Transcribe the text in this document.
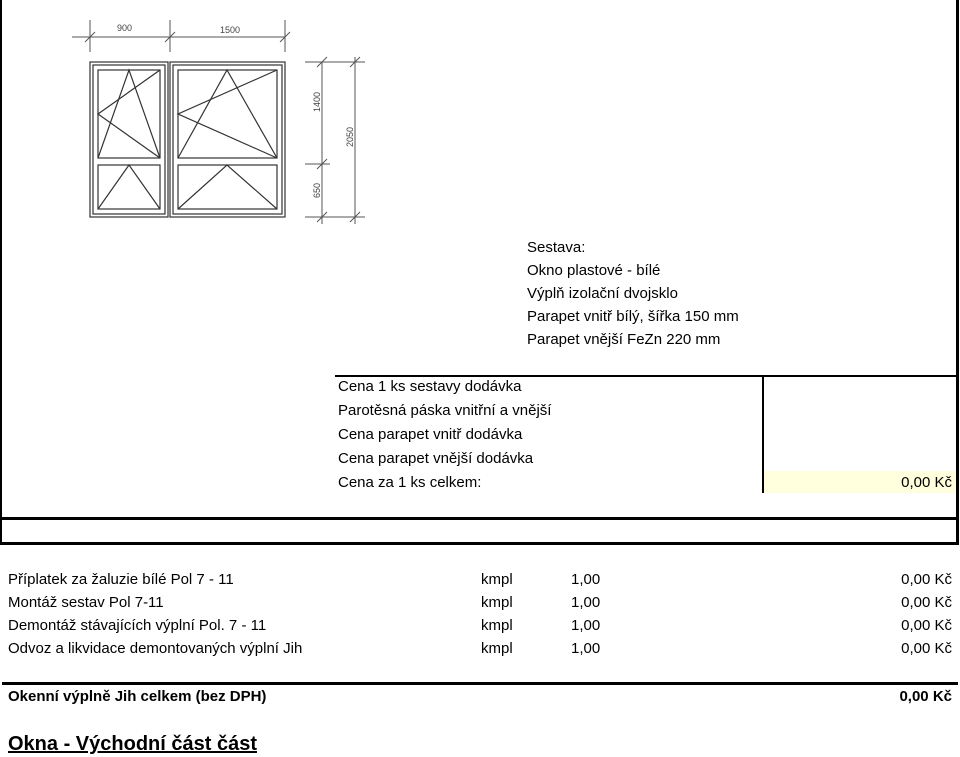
900	1500
1400
2050
650
Sestava:
Okno plastové - bílé
Výplň izolační dvojsklo
Parapet vnitř bílý, šířka 150 mm
Parapet vnější FeZn 220 mm
Cena 1 ks sestavy dodávka
Parotěsná páska vnitřní a vnější
Cena parapet vnitř dodávka
Cena parapet vnější dodávka
Cena za 1 ks celkem:	0,00 Kč
Příplatek za žaluzie bílé Pol 7 - 11	kmpl	1,00	0,00 Kč
Montáž sestav Pol 7-11	kmpl	1,00	0,00 Kč
Demontáž stávajících výplní Pol. 7 - 11	kmpl	1,00	0,00 Kč
Odvoz a likvidace demontovaných výplní Jih	kmpl	1,00	0,00 Kč
Okenní výplně Jih celkem (bez DPH)	0,00 Kč
Okna - Východní část část
